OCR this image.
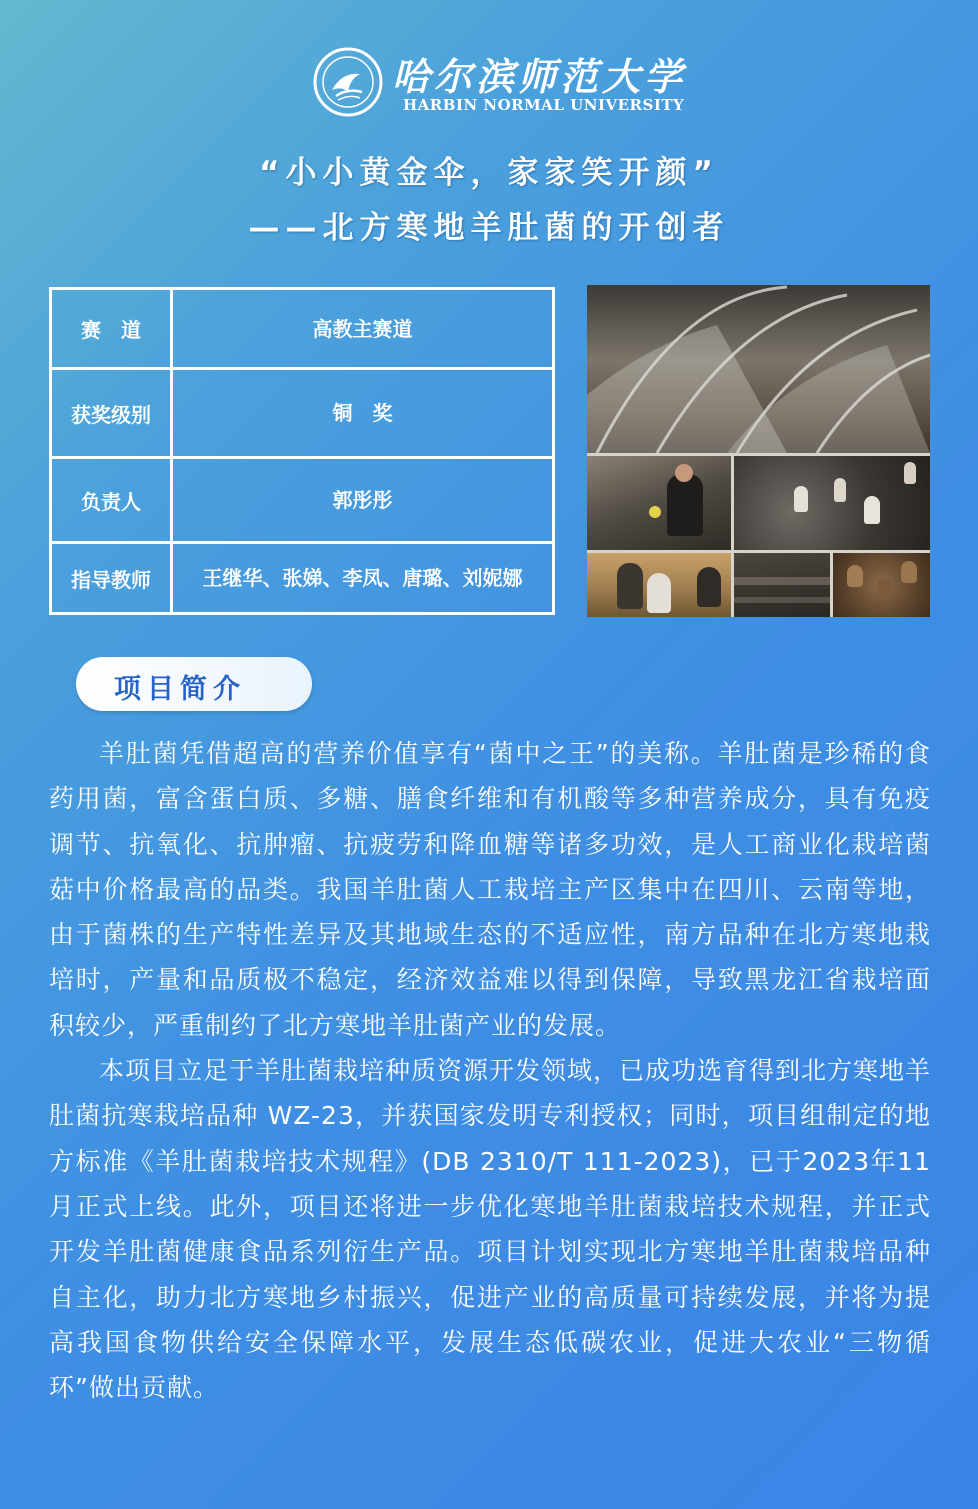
哈尔滨师范大学
HARBIN NORMAL UNIVERSITY
“小小黄金伞，家家笑开颜”
——北方寒地羊肚菌的开创者
赛　道	高教主赛道
获奖级别	铜　奖
负责人	郭彤彤
指导教师	王继华、张娣、李凤、唐璐、刘妮娜
项目简介

羊肚菌凭借超高的营养价值享有“菌中之王”的美称。羊肚菌是珍稀的食药用菌，富含蛋白质、多糖、膳食纤维和有机酸等多种营养成分，具有免疫调节、抗氧化、抗肿瘤、抗疲劳和降血糖等诸多功效，是人工商业化栽培菌菇中价格最高的品类。我国羊肚菌人工栽培主产区集中在四川、云南等地，由于菌株的生产特性差异及其地域生态的不适应性，南方品种在北方寒地栽培时，产量和品质极不稳定，经济效益难以得到保障，导致黑龙江省栽培面积较少，严重制约了北方寒地羊肚菌产业的发展。

本项目立足于羊肚菌栽培种质资源开发领域，已成功选育得到北方寒地羊肚菌抗寒栽培品种 WZ-23，并获国家发明专利授权；同时，项目组制定的地方标准《羊肚菌栽培技术规程》(DB 2310/T 111-2023)，已于2023年11月正式上线。此外，项目还将进一步优化寒地羊肚菌栽培技术规程，并正式开发羊肚菌健康食品系列衍生产品。项目计划实现北方寒地羊肚菌栽培品种自主化，助力北方寒地乡村振兴，促进产业的高质量可持续发展，并将为提高我国食物供给安全保障水平，发展生态低碳农业，促进大农业“三物循环”做出贡献。
